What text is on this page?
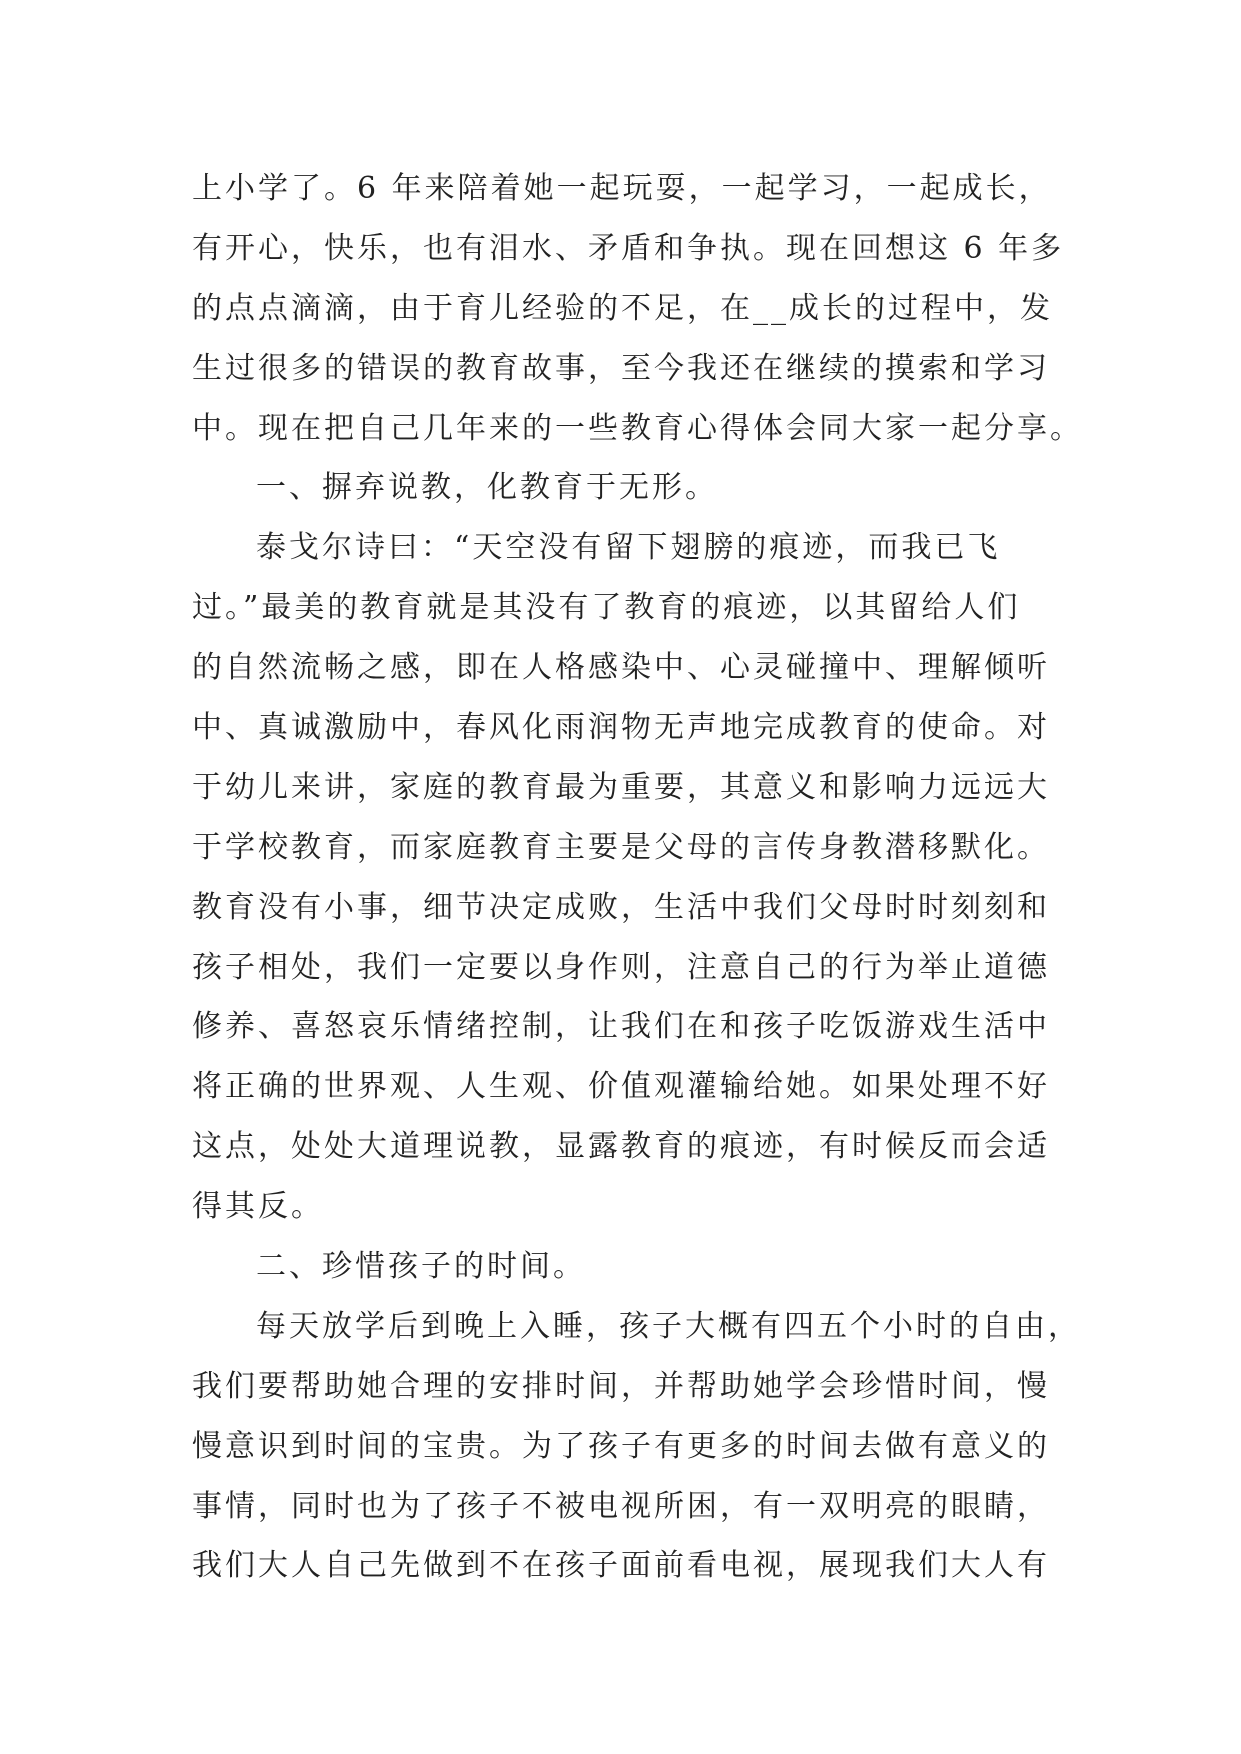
上小学了。6 年来陪着她一起玩耍，一起学习，一起成长，
有开心，快乐，也有泪水、矛盾和争执。现在回想这 6 年多
的点点滴滴，由于育儿经验的不足，在__成长的过程中，发
生过很多的错误的教育故事，至今我还在继续的摸索和学习
中。现在把自己几年来的一些教育心得体会同大家一起分享。
一、摒弃说教，化教育于无形。
泰戈尔诗曰：“天空没有留下翅膀的痕迹，而我已飞
过。”最美的教育就是其没有了教育的痕迹，以其留给人们
的自然流畅之感，即在人格感染中、心灵碰撞中、理解倾听
中、真诚激励中，春风化雨润物无声地完成教育的使命。对
于幼儿来讲，家庭的教育最为重要，其意义和影响力远远大
于学校教育，而家庭教育主要是父母的言传身教潜移默化。
教育没有小事，细节决定成败，生活中我们父母时时刻刻和
孩子相处，我们一定要以身作则，注意自己的行为举止道德
修养、喜怒哀乐情绪控制，让我们在和孩子吃饭游戏生活中
将正确的世界观、人生观、价值观灌输给她。如果处理不好
这点，处处大道理说教，显露教育的痕迹，有时候反而会适
得其反。
二、珍惜孩子的时间。
每天放学后到晚上入睡，孩子大概有四五个小时的自由，
我们要帮助她合理的安排时间，并帮助她学会珍惜时间，慢
慢意识到时间的宝贵。为了孩子有更多的时间去做有意义的
事情，同时也为了孩子不被电视所困，有一双明亮的眼睛，
我们大人自己先做到不在孩子面前看电视，展现我们大人有
